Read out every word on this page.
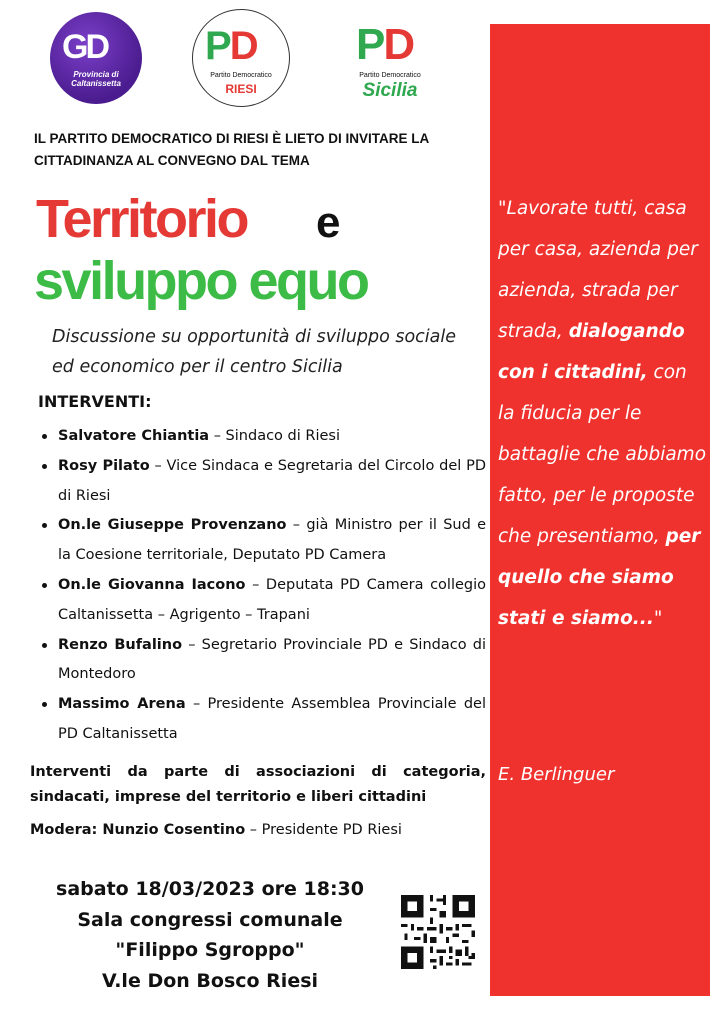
GD
Provincia di
Caltanissetta
PD
Partito Democratico
RIESI
PD
Partito Democratico
Sicilia

"Lavorate tutti, casa per casa, azienda per azienda, strada per strada, dialogando con i cittadini, con la fiducia per le battaglie che abbiamo fatto, per le proposte che presentiamo, per quello che siamo stati e siamo..."

E. Berlinguer
IL PARTITO DEMOCRATICO DI RIESI È LIETO DI INVITARE LA CITTADINANZA AL CONVEGNO DAL TEMA
Territorio e
sviluppo equo
Discussione su opportunità di sviluppo sociale ed economico per il centro Sicilia
INTERVENTI:
Salvatore Chiantia – Sindaco di Riesi
Rosy Pilato – Vice Sindaca e Segretaria del Circolo del PD di Riesi
On.le Giuseppe Provenzano – già Ministro per il Sud e la Coesione territoriale, Deputato PD Camera
On.le Giovanna Iacono – Deputata PD Camera collegio Caltanissetta – Agrigento – Trapani
Renzo Bufalino – Segretario Provinciale PD e Sindaco di Montedoro
Massimo Arena – Presidente Assemblea Provinciale del PD Caltanissetta
Interventi da parte di associazioni di categoria, sindacati, imprese del territorio e liberi cittadini
Modera: Nunzio Cosentino – Presidente PD Riesi
sabato 18/03/2023 ore 18:30
Sala congressi comunale
"Filippo Sgroppo"
V.le Don Bosco Riesi
